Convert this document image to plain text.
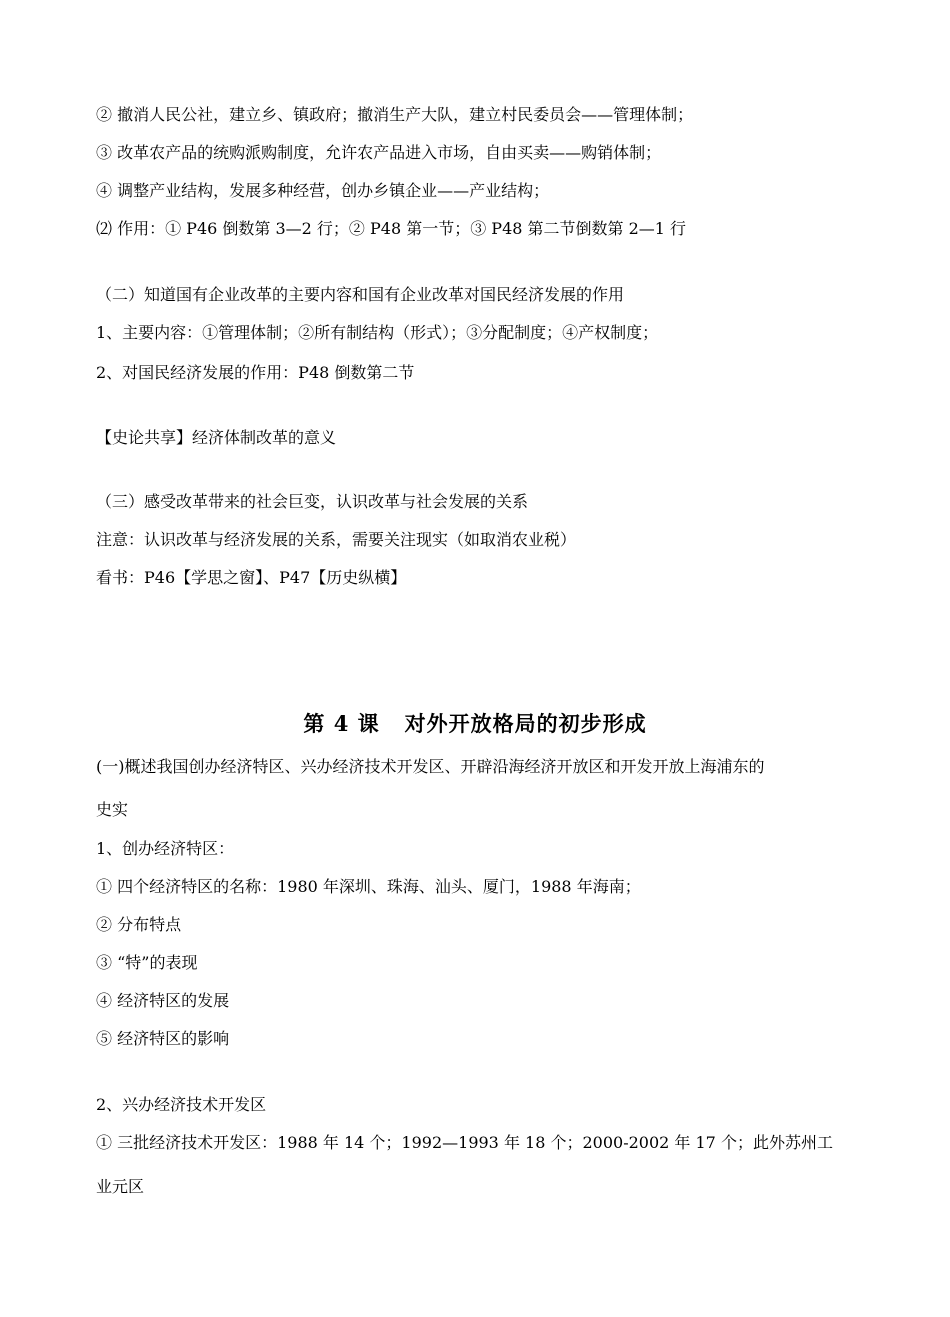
② 撤消人民公社，建立乡、镇政府；撤消生产大队，建立村民委员会——管理体制；
③ 改革农产品的统购派购制度，允许农产品进入市场，自由买卖——购销体制；
④ 调整产业结构，发展多种经营，创办乡镇企业——产业结构；
⑵ 作用：① P46 倒数第 3—2 行；② P48 第一节；③ P48 第二节倒数第 2—1 行
（二）知道国有企业改革的主要内容和国有企业改革对国民经济发展的作用
1、主要内容：①管理体制；②所有制结构（形式）；③分配制度；④产权制度；
2、对国民经济发展的作用：P48 倒数第二节
【史论共享】经济体制改革的意义
（三）感受改革带来的社会巨变，认识改革与社会发展的关系
注意：认识改革与经济发展的关系，需要关注现实（如取消农业税）
看书：P46【学思之窗】、P47【历史纵横】
第 4 课   对外开放格局的初步形成
(一)概述我国创办经济特区、兴办经济技术开发区、开辟沿海经济开放区和开发开放上海浦东的
史实
1、创办经济特区：
① 四个经济特区的名称：1980 年深圳、珠海、汕头、厦门，1988 年海南；
② 分布特点
③ “特”的表现
④ 经济特区的发展
⑤ 经济特区的影响
2、兴办经济技术开发区
① 三批经济技术开发区：1988 年 14 个；1992—1993 年 18 个；2000-2002 年 17 个；此外苏州工
业元区
